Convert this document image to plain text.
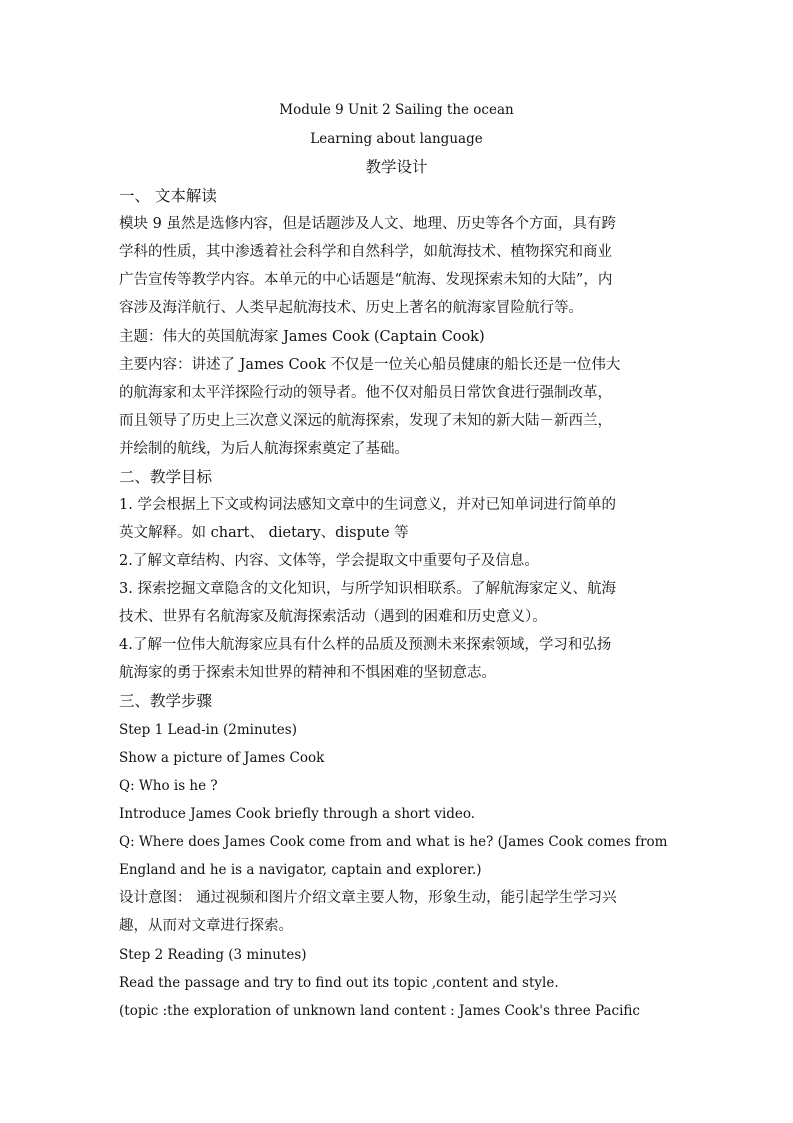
Module 9 Unit 2 Sailing the ocean
Learning about language
教学设计
一、 文本解读
模块 9 虽然是选修内容，但是话题涉及人文、地理、历史等各个方面，具有跨
学科的性质，其中渗透着社会科学和自然科学，如航海技术、植物探究和商业
广告宣传等教学内容。本单元的中心话题是“航海、发现探索未知的大陆”，内
容涉及海洋航行、人类早起航海技术、历史上著名的航海家冒险航行等。
主题：伟大的英国航海家 James Cook (Captain Cook)
主要内容：讲述了 James Cook 不仅是一位关心船员健康的船长还是一位伟大
的航海家和太平洋探险行动的领导者。他不仅对船员日常饮食进行强制改革，
而且领导了历史上三次意义深远的航海探索，发现了未知的新大陆－新西兰，
并绘制的航线，为后人航海探索奠定了基础。
二、教学目标
1. 学会根据上下文或构词法感知文章中的生词意义，并对已知单词进行简单的
英文解释。如 chart、 dietary、dispute 等
2.了解文章结构、内容、文体等，学会提取文中重要句子及信息。
3. 探索挖掘文章隐含的文化知识，与所学知识相联系。了解航海家定义、航海
技术、世界有名航海家及航海探索活动（遇到的困难和历史意义）。
4.了解一位伟大航海家应具有什么样的品质及预测未来探索领域，学习和弘扬
航海家的勇于探索未知世界的精神和不惧困难的坚韧意志。
三、教学步骤
Step 1 Lead-in (2minutes)
Show a picture of James Cook
Q: Who is he ?
Introduce James Cook briefly through a short video.
Q: Where does James Cook come from and what is he? (James Cook comes from
England and he is a navigator, captain and explorer.)
设计意图： 通过视频和图片介绍文章主要人物，形象生动，能引起学生学习兴
趣，从而对文章进行探索。
Step 2 Reading (3 minutes)
Read the passage and try to find out its topic ,content and style.
(topic :the exploration of unknown land content : James Cook's three Pacific
